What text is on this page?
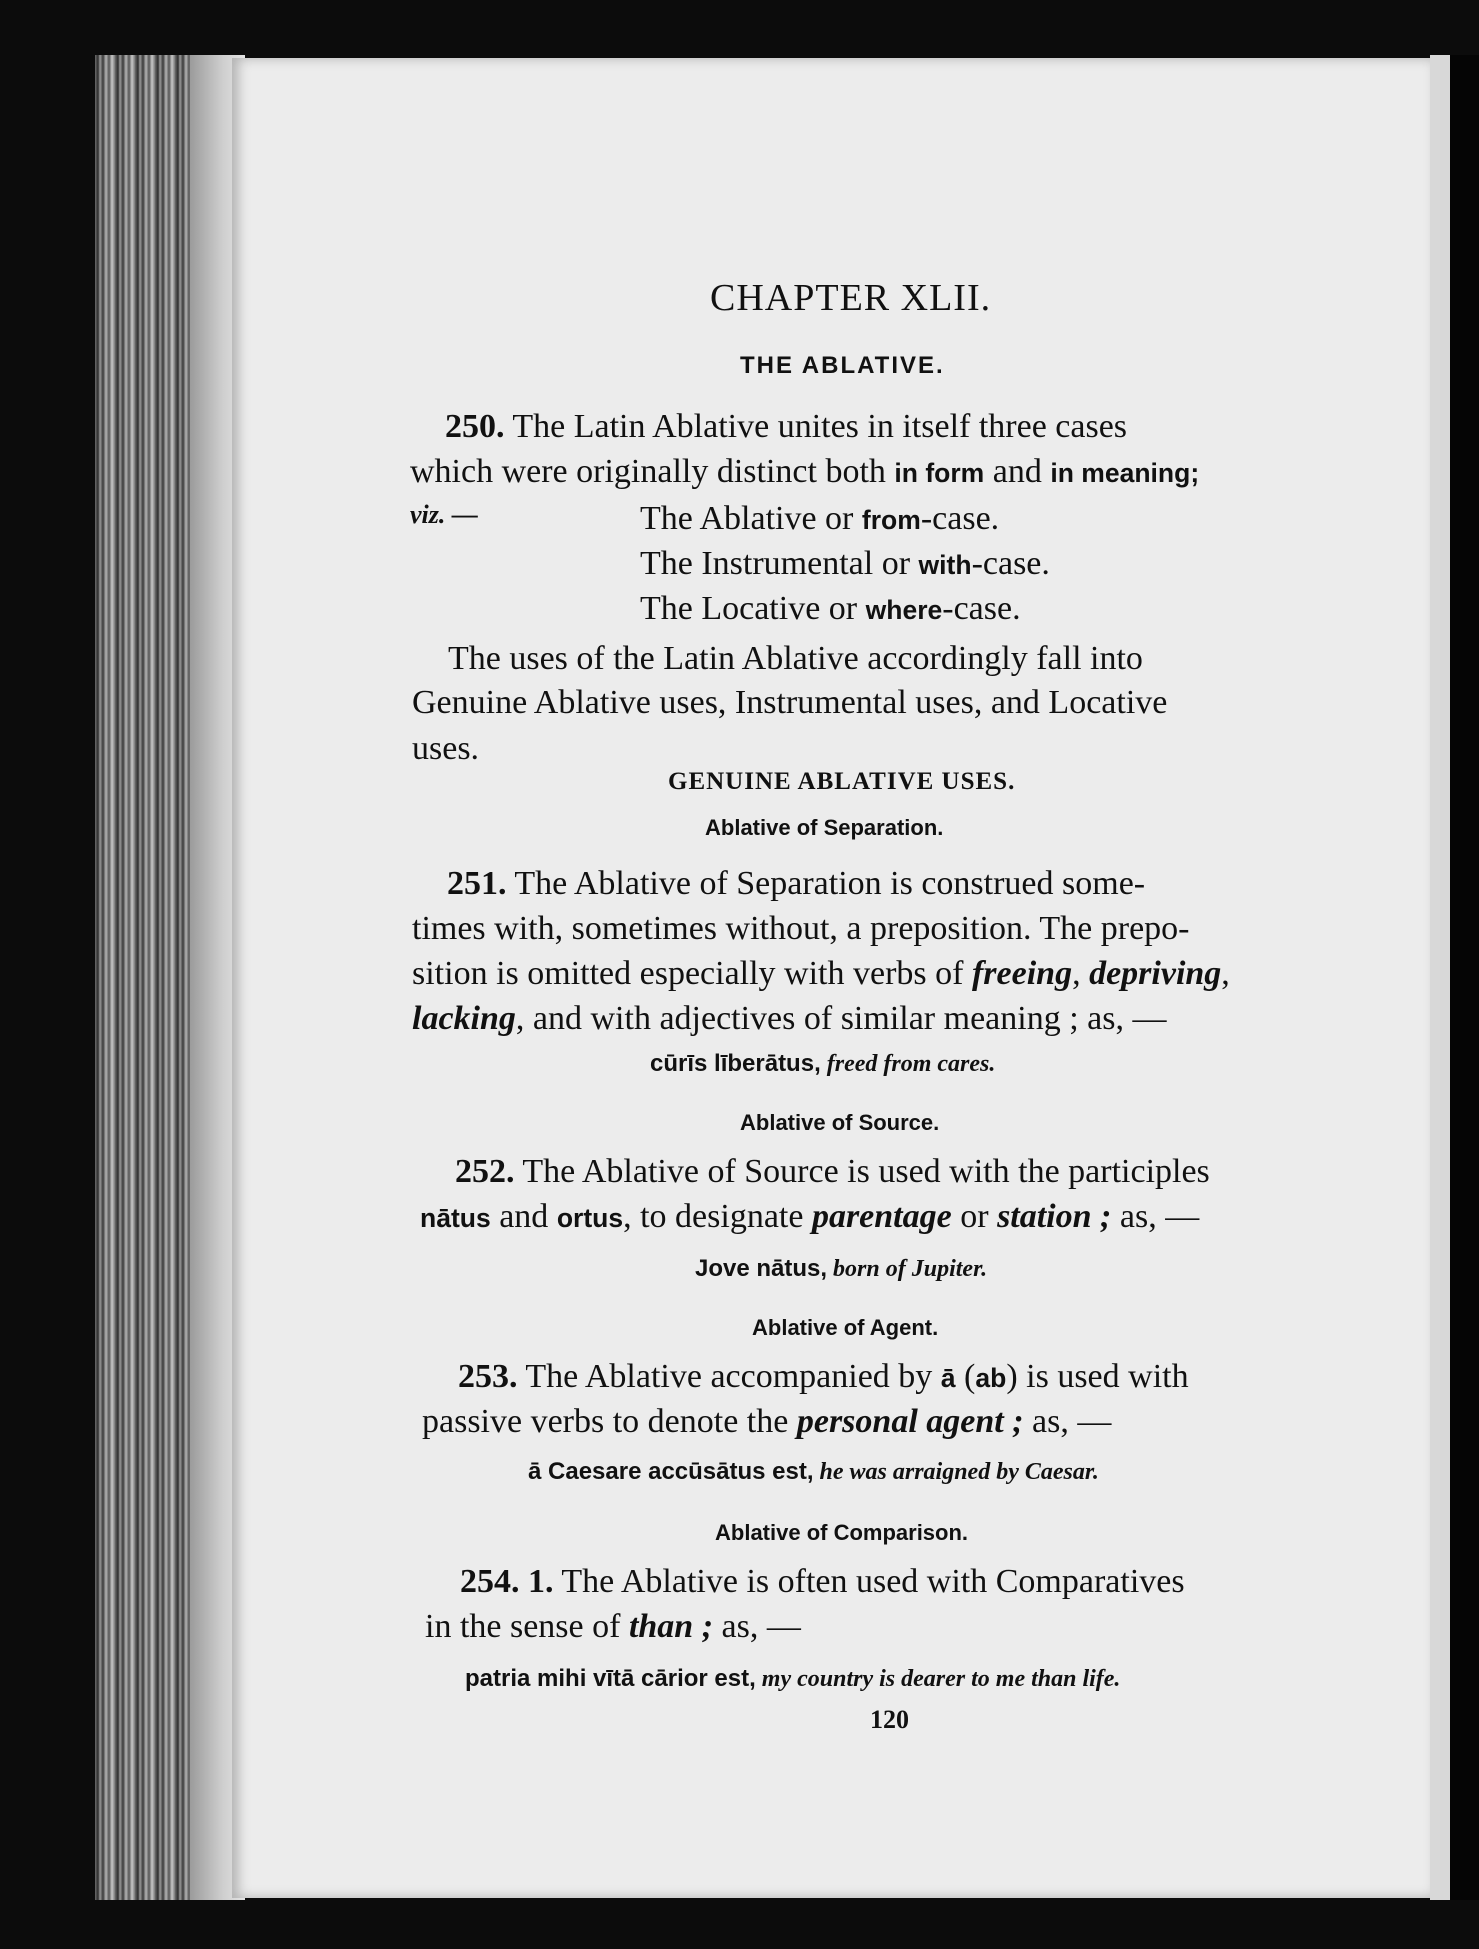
CHAPTER XLII.
THE ABLATIVE.
250. The Latin Ablative unites in itself three cases
which were originally distinct both in form and in meaning;
viz. —	The Ablative or from-case.
The Instrumental or with-case.
The Locative or where-case.
The uses of the Latin Ablative accordingly fall into
Genuine Ablative uses, Instrumental uses, and Locative
uses.
GENUINE ABLATIVE USES.
Ablative of Separation.
251. The Ablative of Separation is construed some-
times with, sometimes without, a preposition. The prepo-
sition is omitted especially with verbs of freeing, depriving,
lacking, and with adjectives of similar meaning ; as, —
cūrīs līberātus, freed from cares.
Ablative of Source.
252. The Ablative of Source is used with the participles
nātus and ortus, to designate parentage or station ; as, —
Jove nātus, born of Jupiter.
Ablative of Agent.
253. The Ablative accompanied by ā (ab) is used with
passive verbs to denote the personal agent ; as, —
ā Caesare accūsātus est, he was arraigned by Caesar.
Ablative of Comparison.
254. 1. The Ablative is often used with Comparatives
in the sense of than ; as, —
patria mihi vītā cārior est, my country is dearer to me than life.
120
